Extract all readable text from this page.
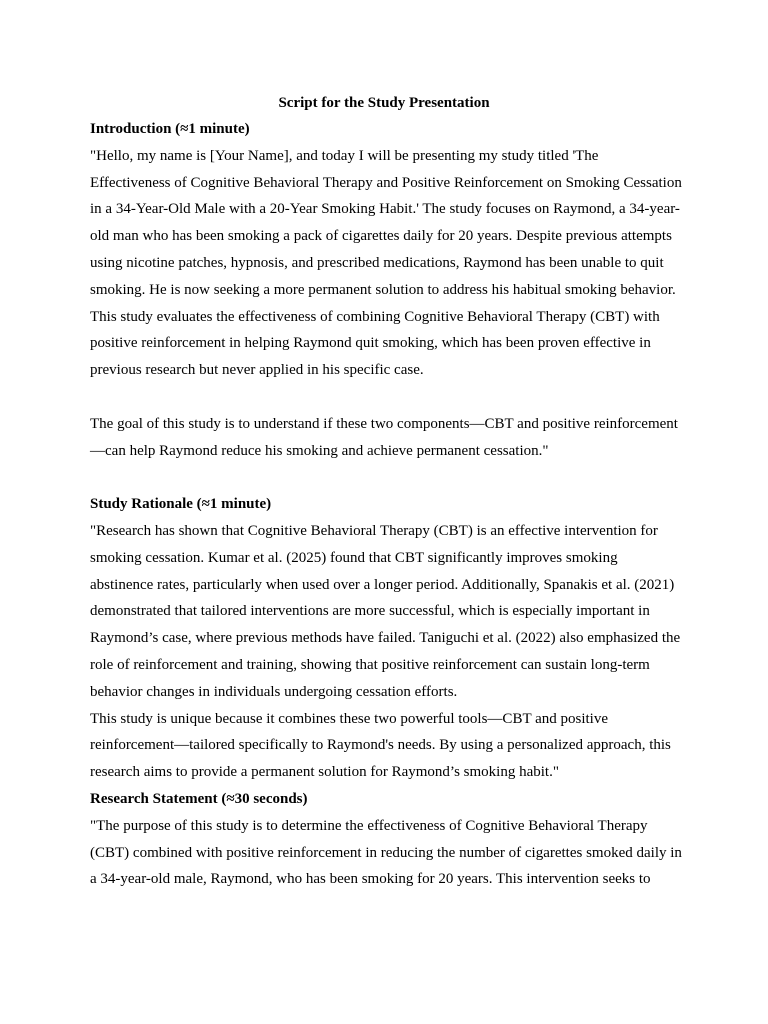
Script for the Study Presentation
Introduction (≈1 minute)

"Hello, my name is [Your Name], and today I will be presenting my study titled 'The Effectiveness of Cognitive Behavioral Therapy and Positive Reinforcement on Smoking Cessation in a 34-Year-Old Male with a 20-Year Smoking Habit.' The study focuses on Raymond, a 34-year-old man who has been smoking a pack of cigarettes daily for 20 years. Despite previous attempts using nicotine patches, hypnosis, and prescribed medications, Raymond has been unable to quit smoking. He is now seeking a more permanent solution to address his habitual smoking behavior. This study evaluates the effectiveness of combining Cognitive Behavioral Therapy (CBT) with positive reinforcement in helping Raymond quit smoking, which has been proven effective in previous research but never applied in his specific case.

The goal of this study is to understand if these two components—CBT and positive reinforcement—can help Raymond reduce his smoking and achieve permanent cessation."

Study Rationale (≈1 minute)

"Research has shown that Cognitive Behavioral Therapy (CBT) is an effective intervention for smoking cessation. Kumar et al. (2025) found that CBT significantly improves smoking abstinence rates, particularly when used over a longer period. Additionally, Spanakis et al. (2021) demonstrated that tailored interventions are more successful, which is especially important in Raymond’s case, where previous methods have failed. Taniguchi et al. (2022) also emphasized the role of reinforcement and training, showing that positive reinforcement can sustain long-term behavior changes in individuals undergoing cessation efforts.

This study is unique because it combines these two powerful tools—CBT and positive reinforcement—tailored specifically to Raymond's needs. By using a personalized approach, this research aims to provide a permanent solution for Raymond’s smoking habit."

Research Statement (≈30 seconds)

"The purpose of this study is to determine the effectiveness of Cognitive Behavioral Therapy (CBT) combined with positive reinforcement in reducing the number of cigarettes smoked daily in a 34-year-old male, Raymond, who has been smoking for 20 years. This intervention seeks to
